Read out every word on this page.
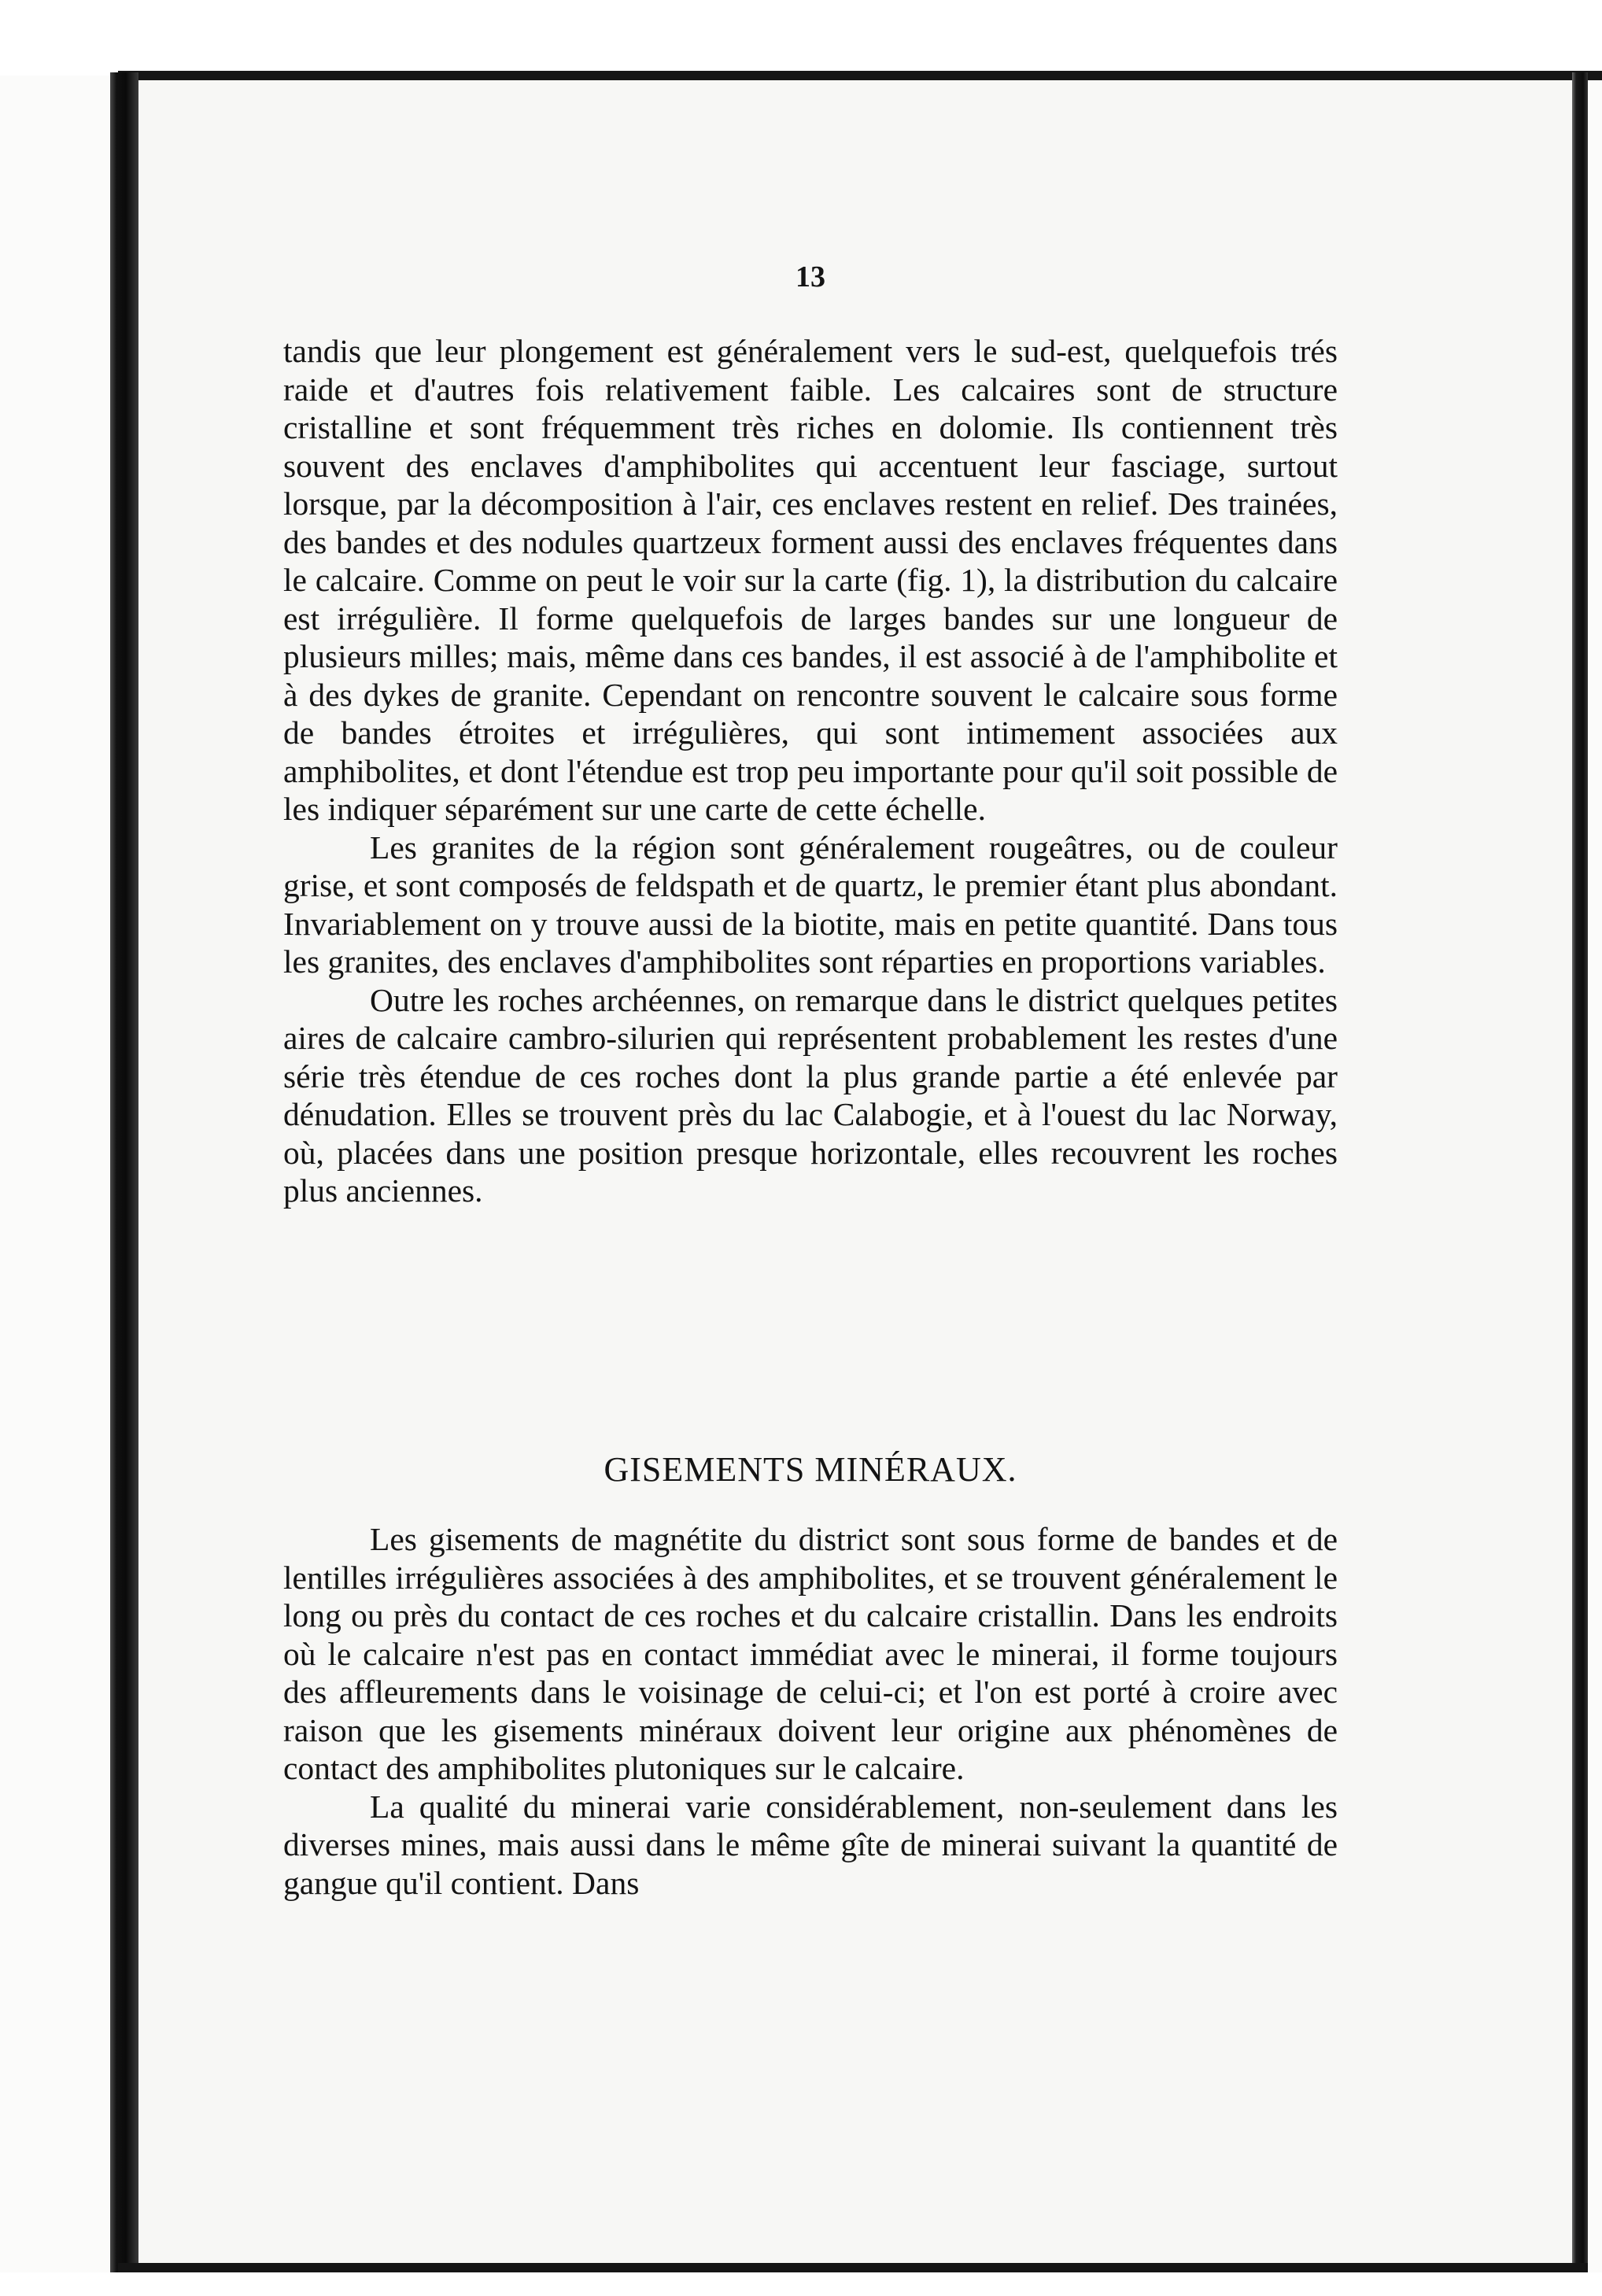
13

tandis que leur plongement est généralement vers le sud-est, quelquefois trés raide et d'autres fois relativement faible. Les calcaires sont de structure cristalline et sont fréquemment très riches en dolomie. Ils contiennent très souvent des enclaves d'amphibolites qui accentuent leur fasciage, surtout lorsque, par la décomposition à l'air, ces enclaves restent en relief. Des trainées, des bandes et des nodules quartzeux forment aussi des enclaves fréquentes dans le calcaire. Comme on peut le voir sur la carte (fig. 1), la distribution du calcaire est irrégulière. Il forme quelquefois de larges bandes sur une longueur de plusieurs milles; mais, même dans ces bandes, il est associé à de l'amphibolite et à des dykes de granite. Cependant on rencontre souvent le calcaire sous forme de bandes étroites et irrégulières, qui sont intimement associées aux amphibolites, et dont l'étendue est trop peu importante pour qu'il soit possible de les indiquer séparément sur une carte de cette échelle.

Les granites de la région sont généralement rougeâtres, ou de couleur grise, et sont composés de feldspath et de quartz, le premier étant plus abondant. Invariablement on y trouve aussi de la biotite, mais en petite quantité. Dans tous les granites, des enclaves d'amphibolites sont réparties en proportions variables.

Outre les roches archéennes, on remarque dans le district quelques petites aires de calcaire cambro-silurien qui représentent probablement les restes d'une série très étendue de ces roches dont la plus grande partie a été enlevée par dénudation. Elles se trouvent près du lac Calabogie, et à l'ouest du lac Norway, où, placées dans une position presque horizontale, elles recouvrent les roches plus anciennes.

GISEMENTS MINÉRAUX.

Les gisements de magnétite du district sont sous forme de bandes et de lentilles irrégulières associées à des amphibolites, et se trouvent généralement le long ou près du contact de ces roches et du calcaire cristallin. Dans les endroits où le calcaire n'est pas en contact immédiat avec le minerai, il forme toujours des affleurements dans le voisinage de celui-ci; et l'on est porté à croire avec raison que les gisements minéraux doivent leur origine aux phénomènes de contact des amphibolites plutoniques sur le calcaire.

La qualité du minerai varie considérablement, non-seulement dans les diverses mines, mais aussi dans le même gîte de minerai suivant la quantité de gangue qu'il contient. Dans
